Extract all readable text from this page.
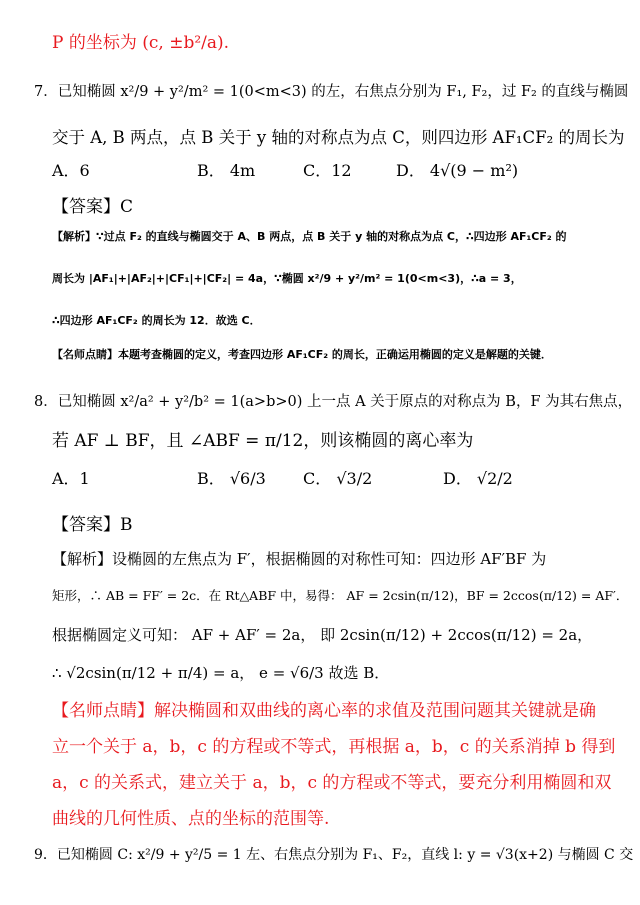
P 的坐标为 (c, ±b²/a).
7．已知椭圆 x²/9 + y²/m² = 1(0<m<3) 的左，右焦点分别为 F₁, F₂，过 F₂ 的直线与椭圆
交于 A, B 两点，点 B 关于 y 轴的对称点为点 C，则四边形 AF₁CF₂ 的周长为
A．6	B． 4m	C．12	D． 4√(9 − m²)
【答案】C
【解析】∵过点 F₂ 的直线与椭圆交于 A、B 两点，点 B 关于 y 轴的对称点为点 C，∴四边形 AF₁CF₂ 的
周长为 |AF₁|+|AF₂|+|CF₁|+|CF₂| = 4a，∵椭圆 x²/9 + y²/m² = 1(0<m<3)，∴a = 3，
∴四边形 AF₁CF₂ 的周长为 12．故选 C．
【名师点睛】本题考查椭圆的定义，考查四边形 AF₁CF₂ 的周长，正确运用椭圆的定义是解题的关键．
8．已知椭圆 x²/a² + y²/b² = 1(a>b>0) 上一点 A 关于原点的对称点为 B，F 为其右焦点，
若 AF ⊥ BF，且 ∠ABF = π/12，则该椭圆的离心率为
A．1	B． √6/3 C． √3/2	D． √2/2
【答案】B
【解析】设椭圆的左焦点为 F′，根据椭圆的对称性可知：四边形 AF′BF 为
矩形，∴ AB = FF′ = 2c．在 Rt△ABF 中，易得： AF = 2csin(π/12)，BF = 2ccos(π/12) = AF′．
根据椭圆定义可知： AF + AF′ = 2a， 即 2csin(π/12) + 2ccos(π/12) = 2a，
∴ √2csin(π/12 + π/4) = a， e = √6/3 故选 B．
【名师点睛】解决椭圆和双曲线的离心率的求值及范围问题其关键就是确
立一个关于 a，b，c 的方程或不等式，再根据 a，b，c 的关系消掉 b 得到
a，c 的关系式，建立关于 a，b，c 的方程或不等式，要充分利用椭圆和双
曲线的几何性质、点的坐标的范围等.
9．已知椭圆 C: x²/9 + y²/5 = 1 左、右焦点分别为 F₁、F₂，直线 l: y = √3(x+2) 与椭圆 C 交
